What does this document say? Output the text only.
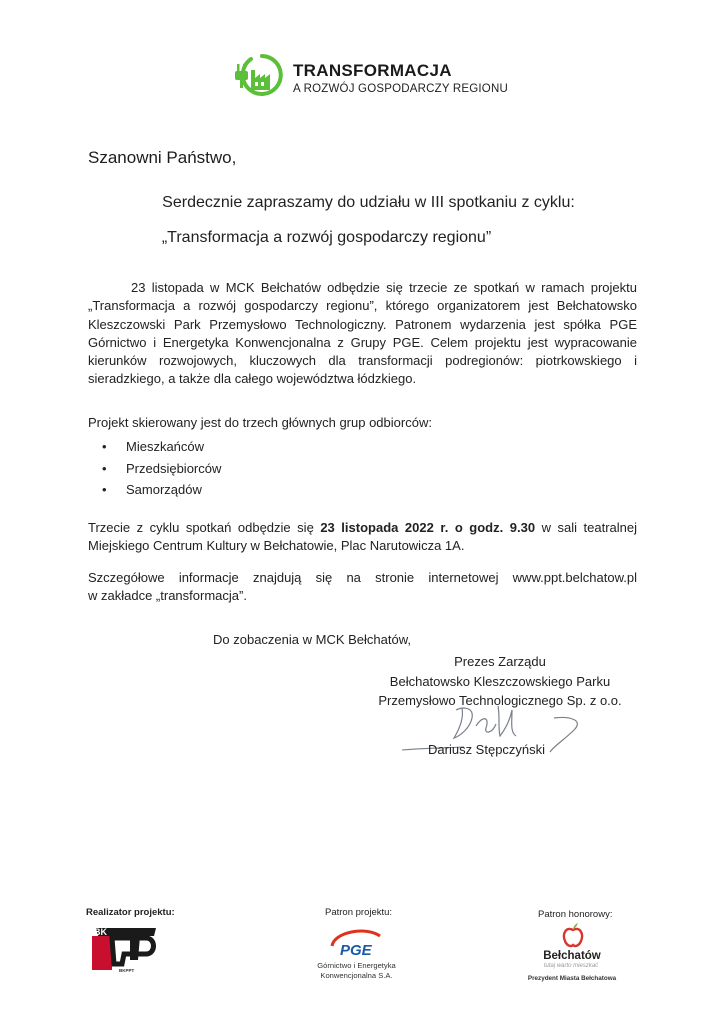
TRANSFORMACJA
A ROZWÓJ GOSPODARCZY REGIONU
Szanowni Państwo,
Serdecznie zapraszamy do udziału w III spotkaniu z cyklu:
„Transformacja a rozwój gospodarczy regionu”
23 listopada w MCK Bełchatów odbędzie się trzecie ze spotkań w ramach projektu „Transformacja a rozwój gospodarczy regionu”, którego organizatorem jest Bełchatowsko Kleszczowski Park Przemysłowo Technologiczny. Patronem wydarzenia jest spółka PGE Górnictwo i Energetyka Konwencjonalna z Grupy PGE. Celem projektu jest wypracowanie kierunków rozwojowych, kluczowych dla transformacji podregionów: piotrkowskiego i sieradzkiego, a także dla całego województwa łódzkiego.
Projekt skierowany jest do trzech głównych grup odbiorców:
• Mieszkańców
• Przedsiębiorców
• Samorządów
Trzecie z cyklu spotkań odbędzie się 23 listopada 2022 r. o godz. 9.30 w sali teatralnej Miejskiego Centrum Kultury w Bełchatowie, Plac Narutowicza 1A.
Szczegółowe informacje znajdują się na stronie internetowej www.ppt.belchatow.pl
w zakładce „transformacja”.
Do zobaczenia w MCK Bełchatów,
Prezes Zarządu
Bełchatowsko Kleszczowskiego Parku
Przemysłowo Technologicznego Sp. z o.o.
Dariusz Stępczyński
Realizator projektu:	Patron projektu:	Patron honorowy:
BK
BKPPT
PGE
Górnictwo i Energetyka
Konwencjonalna S.A.
Bełchatów
tutaj warto mieszkać
Prezydent Miasta Bełchatowa
